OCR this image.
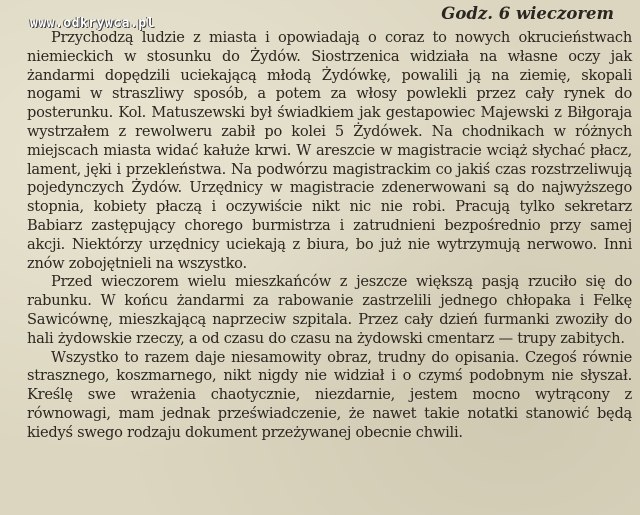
www.odkrywca.pl
Godz. 6 wieczorem

Przychodzą ludzie z miasta i opowiadają o coraz to nowych okrucieństwach niemieckich w stosunku do Żydów. Siostrzenica widziała na własne oczy jak żandarmi dopędzili uciekającą młodą Żydówkę, powalili ją na ziemię, skopali nogami w straszliwy sposób, a potem za włosy powlekli przez cały rynek do posterunku. Kol. Matuszewski był świadkiem jak gestapowiec Majewski z Biłgoraja wystrzałem z rewolweru zabił po kolei 5 Żydówek. Na chodnikach w różnych miejscach miasta widać kałuże krwi. W areszcie w magistracie wciąż słychać płacz, lament, jęki i przekleństwa. Na podwórzu magistrackim co jakiś czas rozstrzeliwują pojedynczych Żydów. Urzędnicy w magistracie zdenerwowani są do najwyższego stopnia, kobiety płaczą i oczywiście nikt nic nie robi. Pracują tylko sekretarz Babiarz zastępujący chorego burmistrza i zatrudnieni bezpośrednio przy samej akcji. Niektórzy urzędnicy uciekają z biura, bo już nie wytrzymują nerwowo. Inni znów zobojętnieli na wszystko.

Przed wieczorem wielu mieszkańców z jeszcze większą pasją rzuciło się do rabunku. W końcu żandarmi za rabowanie zastrzelili jednego chłopaka i Felkę Sawicównę, mieszkającą naprzeciw szpitala. Przez cały dzień furmanki zwoziły do hali żydowskie rzeczy, a od czasu do czasu na żydowski cmentarz — trupy zabitych.

Wszystko to razem daje niesamowity obraz, trudny do opisania. Czegoś równie strasznego, koszmarnego, nikt nigdy nie widział i o czymś podobnym nie słyszał. Kreślę swe wrażenia chaotycznie, niezdarnie, jestem mocno wytrącony z równowagi, mam jednak przeświadczenie, że nawet takie notatki stanowić będą kiedyś swego rodzaju dokument przeżywanej obecnie chwili.
